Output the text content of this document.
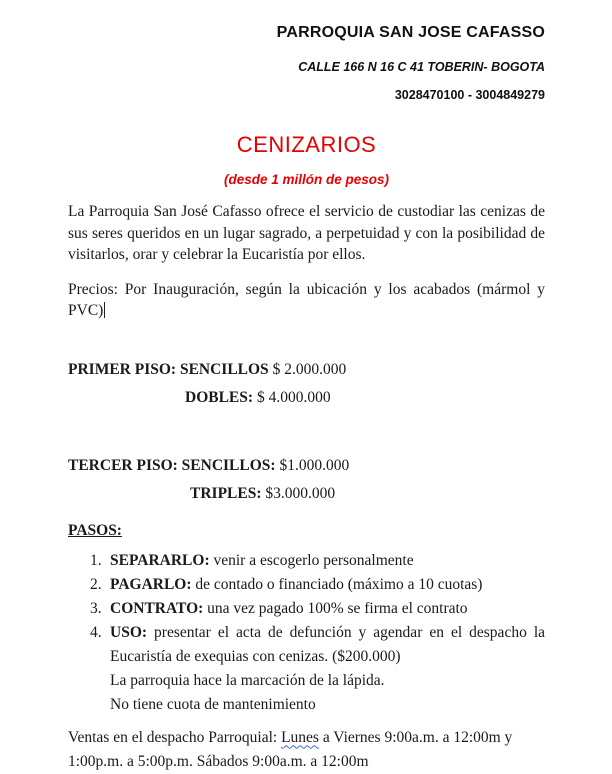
PARROQUIA SAN JOSE CAFASSO
CALLE 166 N 16 C 41 TOBERIN- BOGOTA
3028470100 - 3004849279
CENIZARIOS
(desde 1 millón de pesos)

La Parroquia San José Cafasso ofrece el servicio de custodiar las cenizas de sus seres queridos en un lugar sagrado, a perpetuidad y con la posibilidad de visitarlos, orar y celebrar la Eucaristía por ellos.

Precios: Por Inauguración, según la ubicación y los acabados (mármol y PVC)

PRIMER PISO: SENCILLOS $ 2.000.000
DOBLES: $ 4.000.000
TERCER PISO: SENCILLOS: $1.000.000
TRIPLES: $3.000.000
PASOS:
1. SEPARARLO: venir a escogerlo personalmente
2. PAGARLO: de contado o financiado (máximo a 10 cuotas)
3. CONTRATO: una vez pagado 100% se firma el contrato
4. USO: presentar el acta de defunción y agendar en el despacho la Eucaristía de exequias con cenizas. ($200.000)
La parroquia hace la marcación de la lápida.
No tiene cuota de mantenimiento

Ventas en el despacho Parroquial: Lunes a Viernes 9:00a.m. a 12:00m y 1:00p.m. a 5:00p.m. Sábados 9:00a.m. a 12:00m
